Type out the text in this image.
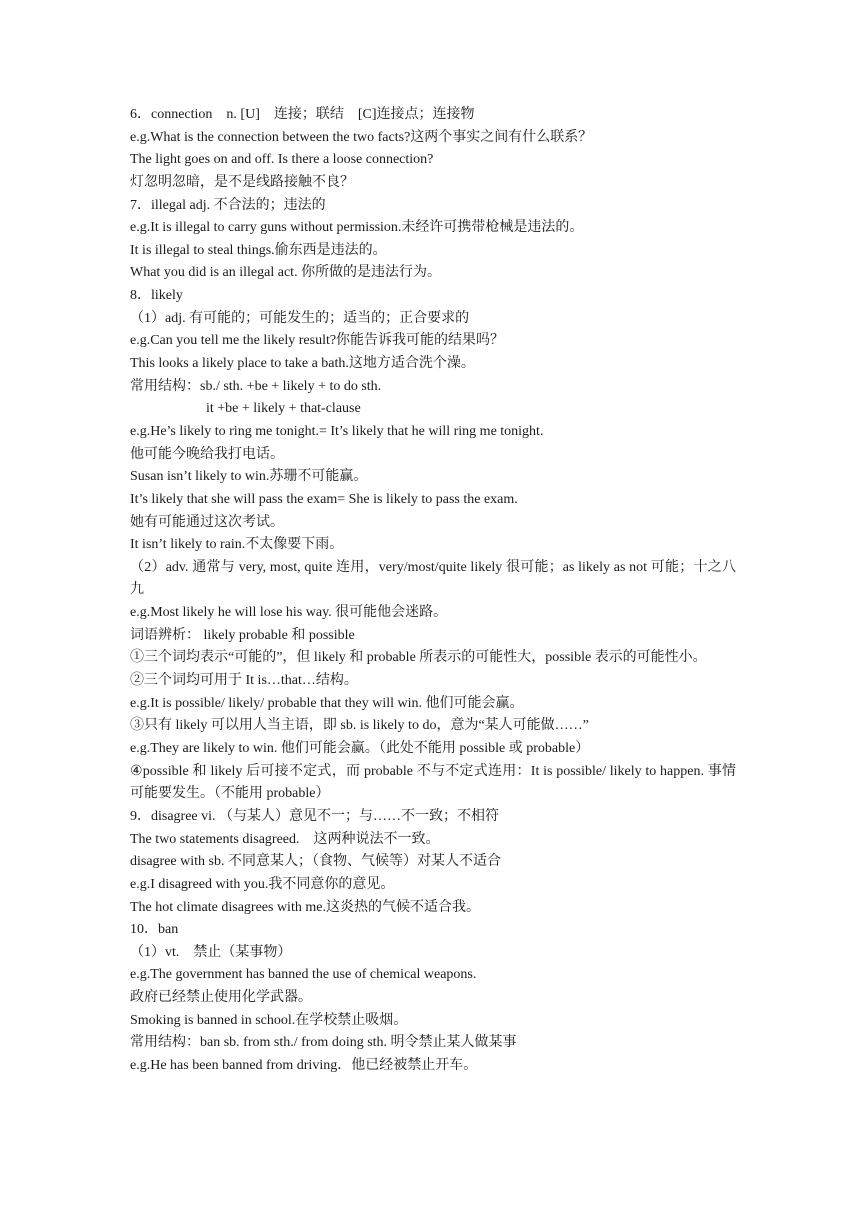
6．connection　n. [U]　连接；联结　[C]连接点；连接物
e.g.What is the connection between the two facts?这两个事实之间有什么联系？
The light goes on and off. Is there a loose connection?
灯忽明忽暗，是不是线路接触不良？
7．illegal adj. 不合法的；违法的
e.g.It is illegal to carry guns without permission.未经许可携带枪械是违法的。
It is illegal to steal things.偷东西是违法的。
What you did is an illegal act. 你所做的是违法行为。
8．likely
（1）adj. 有可能的；可能发生的；适当的；正合要求的
e.g.Can you tell me the likely result?你能告诉我可能的结果吗？
This looks a likely place to take a bath.这地方适合洗个澡。
常用结构：sb./ sth. +be + likely + to do sth.
it +be + likely + that-clause
e.g.He’s likely to ring me tonight.= It’s likely that he will ring me tonight.
他可能今晚给我打电话。
Susan isn’t likely to win.苏珊不可能赢。
It’s likely that she will pass the exam= She is likely to pass the exam.
她有可能通过这次考试。
It isn’t likely to rain.不太像要下雨。
（2）adv. 通常与 very, most, quite 连用，very/most/quite likely 很可能；as likely as not 可能；十之八九
e.g.Most likely he will lose his way. 很可能他会迷路。
词语辨析： likely probable 和 possible
①三个词均表示“可能的”，但 likely 和 probable 所表示的可能性大，possible 表示的可能性小。
②三个词均可用于 It is…that…结构。
e.g.It is possible/ likely/ probable that they will win. 他们可能会赢。
③只有 likely 可以用人当主语，即 sb. is likely to do，意为“某人可能做……”
e.g.They are likely to win. 他们可能会赢。（此处不能用 possible 或 probable）
④possible 和 likely 后可接不定式，而 probable 不与不定式连用：It is possible/ likely to happen. 事情可能要发生。（不能用 probable）
9．disagree vi. （与某人）意见不一；与……不一致；不相符
The two statements disagreed.　这两种说法不一致。
disagree with sb. 不同意某人；（食物、气候等）对某人不适合
e.g.I disagreed with you.我不同意你的意见。
The hot climate disagrees with me.这炎热的气候不适合我。
10．ban
（1）vt.　禁止（某事物）
e.g.The government has banned the use of chemical weapons.
政府已经禁止使用化学武器。
Smoking is banned in school.在学校禁止吸烟。
常用结构：ban sb. from sth./ from doing sth. 明令禁止某人做某事
e.g.He has been banned from driving．他已经被禁止开车。
